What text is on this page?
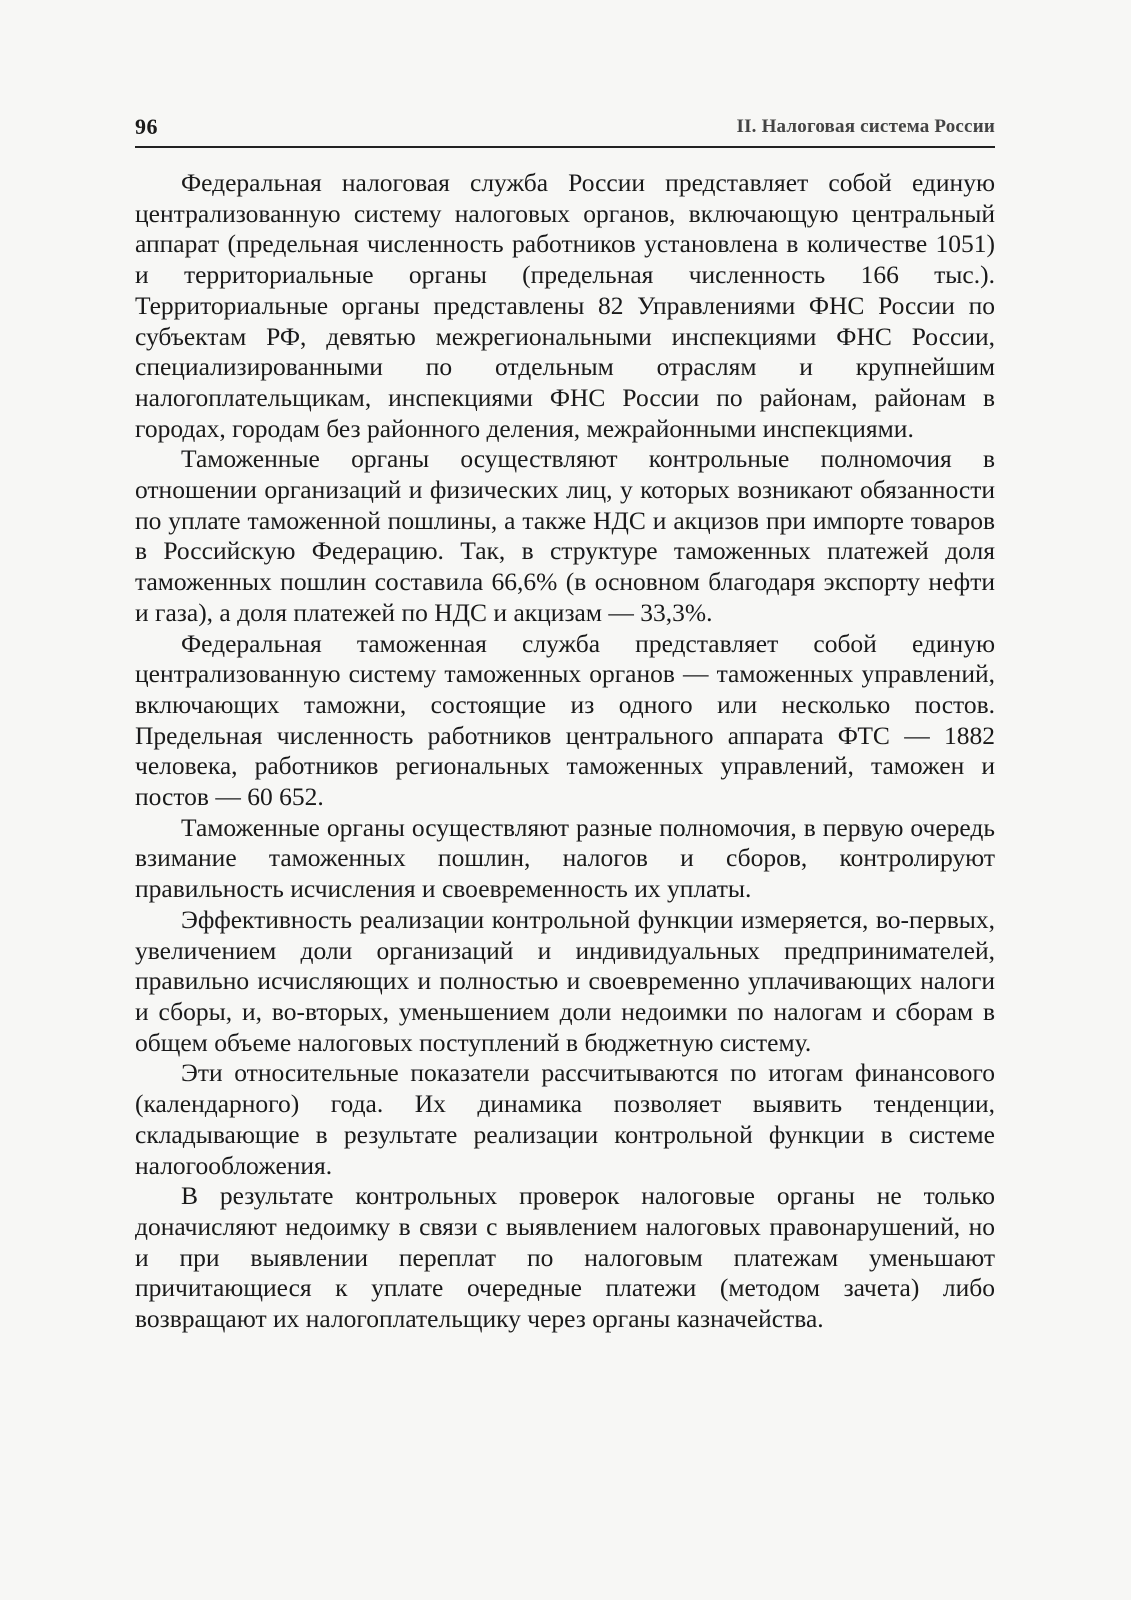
96	II. Налоговая система России

Федеральная налоговая служба России представляет собой единую централизованную систему налоговых органов, включающую центральный аппарат (предельная численность работников установлена в количестве 1051) и территориальные органы (предельная численность 166 тыс.). Территориальные органы представлены 82 Управлениями ФНС России по субъектам РФ, девятью межрегиональными инспекциями ФНС России, специализированными по отдельным отраслям и крупнейшим налогоплательщикам, инспекциями ФНС России по районам, районам в городах, городам без районного деления, межрайонными инспекциями.

Таможенные органы осуществляют контрольные полномочия в отношении организаций и физических лиц, у которых возникают обязанности по уплате таможенной пошлины, а также НДС и акцизов при импорте товаров в Российскую Федерацию. Так, в структуре таможенных платежей доля таможенных пошлин составила 66,6% (в основном благодаря экспорту нефти и газа), а доля платежей по НДС и акцизам — 33,3%.

Федеральная таможенная служба представляет собой единую централизованную систему таможенных органов — таможенных управлений, включающих таможни, состоящие из одного или несколько постов. Предельная численность работников центрального аппарата ФТС — 1882 человека, работников региональных таможенных управлений, таможен и постов — 60 652.

Таможенные органы осуществляют разные полномочия, в первую очередь взимание таможенных пошлин, налогов и сборов, контролируют правильность исчисления и своевременность их уплаты.

Эффективность реализации контрольной функции измеряется, во-первых, увеличением доли организаций и индивидуальных предпринимателей, правильно исчисляющих и полностью и своевременно уплачивающих налоги и сборы, и, во-вторых, уменьшением доли недоимки по налогам и сборам в общем объеме налоговых поступлений в бюджетную систему.

Эти относительные показатели рассчитываются по итогам финансового (календарного) года. Их динамика позволяет выявить тенденции, складывающие в результате реализации контрольной функции в системе налогообложения.

В результате контрольных проверок налоговые органы не только доначисляют недоимку в связи с выявлением налоговых правонарушений, но и при выявлении переплат по налоговым платежам уменьшают причитающиеся к уплате очередные платежи (методом зачета) либо возвращают их налогоплательщику через органы казначейства.
